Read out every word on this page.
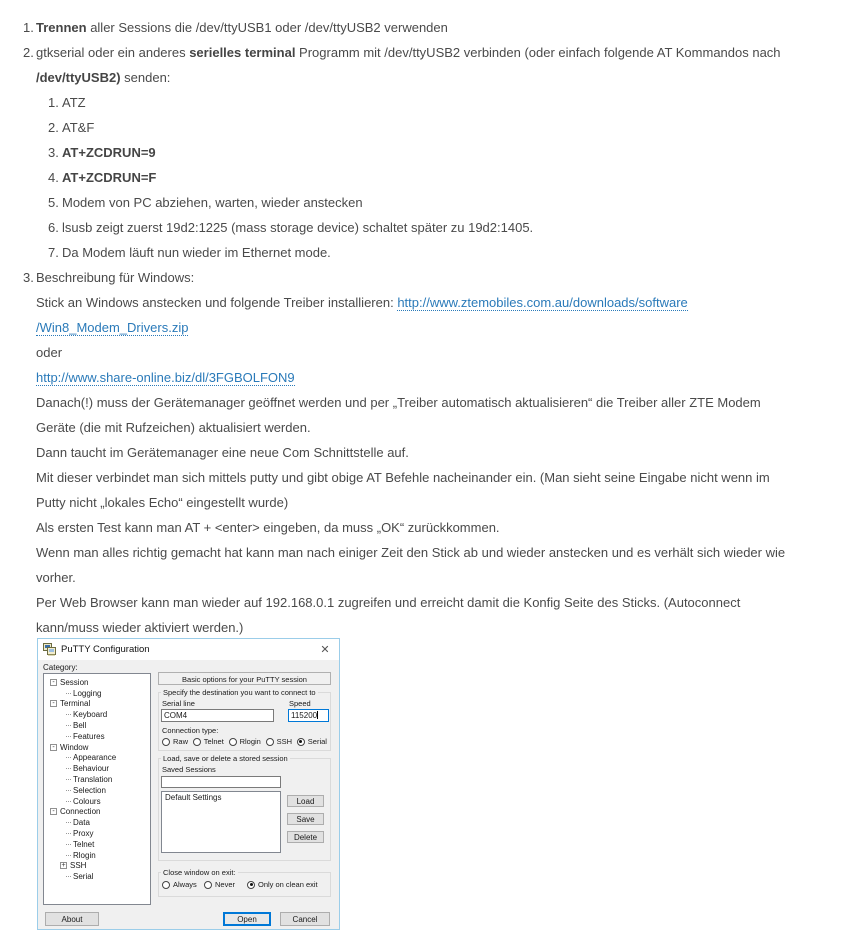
1. Trennen aller Sessions die /dev/ttyUSB1 oder /dev/ttyUSB2 verwenden
2. gtkserial oder ein anderes serielles terminal Programm mit /dev/ttyUSB2 verbinden (oder einfach folgende AT Kommandos nach
/dev/ttyUSB2) senden:
1. ATZ
2. AT&F
3. AT+ZCDRUN=9
4. AT+ZCDRUN=F
5. Modem von PC abziehen, warten, wieder anstecken
6. lsusb zeigt zuerst 19d2:1225 (mass storage device) schaltet später zu 19d2:1405.
7. Da Modem läuft nun wieder im Ethernet mode.
3. Beschreibung für Windows:
Stick an Windows anstecken und folgende Treiber installieren: http://www.ztemobiles.com.au/downloads/software
/Win8_Modem_Drivers.zip
oder
http://www.share-online.biz/dl/3FGBOLFON9
Danach(!) muss der Gerätemanager geöffnet werden und per „Treiber automatisch aktualisieren“ die Treiber aller ZTE Modem
Geräte (die mit Rufzeichen) aktualisiert werden.
Dann taucht im Gerätemanager eine neue Com Schnittstelle auf.
Mit dieser verbindet man sich mittels putty und gibt obige AT Befehle nacheinander ein. (Man sieht seine Eingabe nicht wenn im
Putty nicht „lokales Echo“ eingestellt wurde)
Als ersten Test kann man AT + <enter> eingeben, da muss „OK“ zurückkommen.
Wenn man alles richtig gemacht hat kann man nach einiger Zeit den Stick ab und wieder anstecken und es verhält sich wieder wie
vorher.
Per Web Browser kann man wieder auf 192.168.0.1 zugreifen und erreicht damit die Konfig Seite des Sticks. (Autoconnect
kann/muss wieder aktiviert werden.)
PuTTY Configuration	✕
Category:
- Session
Logging
- Terminal
Keyboard
Bell
Features
- Window
Appearance
Behaviour
Translation
Selection
Colours
- Connection
Data
Proxy
Telnet
Rlogin
+ SSH
Serial
Basic options for your PuTTY session
Specify the destination you want to connect to
Serial line	Speed
COM4	115200
Connection type:
Raw Telnet Rlogin SSH Serial
Load, save or delete a stored session
Saved Sessions
Default Settings	Load
Save
Delete
Close window on exit:
Always Never	Only on clean exit
About	Open	Cancel
